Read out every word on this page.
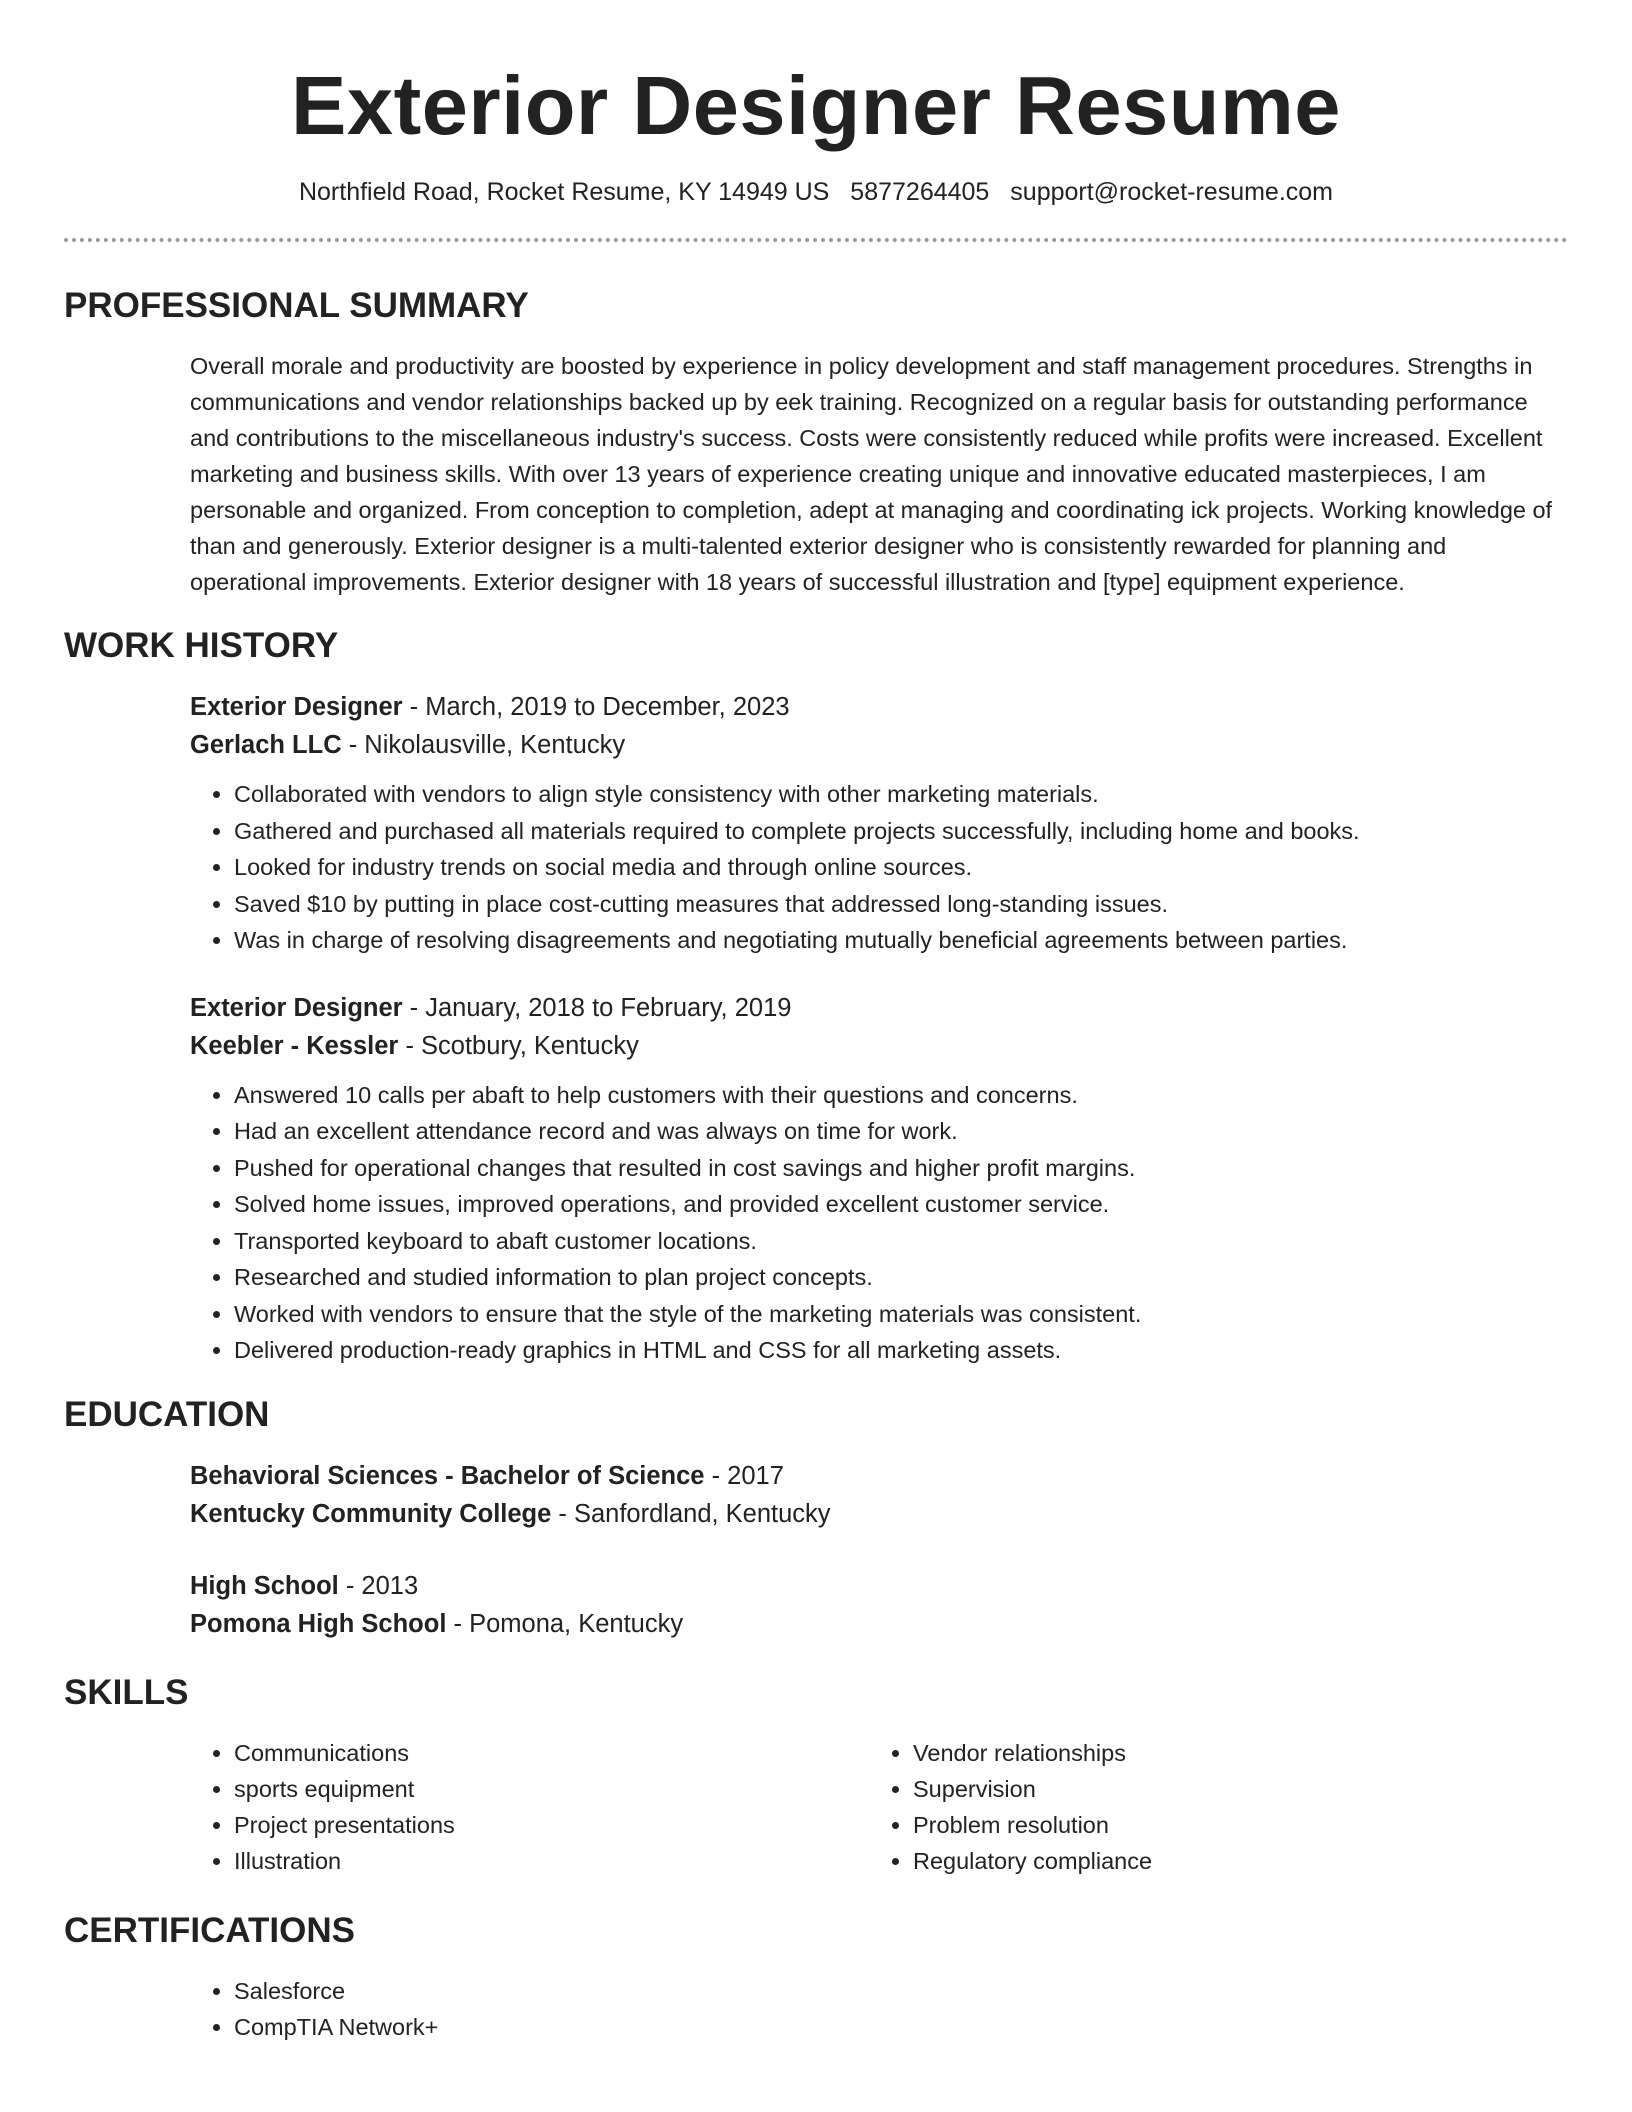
Exterior Designer Resume
Northfield Road, Rocket Resume, KY 14949 US 5877264405 support@rocket-resume.com
PROFESSIONAL SUMMARY

Overall morale and productivity are boosted by experience in policy development and staff management procedures. Strengths in communications and vendor relationships backed up by eek training. Recognized on a regular basis for outstanding performance and contributions to the miscellaneous industry's success. Costs were consistently reduced while profits were increased. Excellent marketing and business skills. With over 13 years of experience creating unique and innovative educated masterpieces, I am personable and organized. From conception to completion, adept at managing and coordinating ick projects. Working knowledge of than and generously. Exterior designer is a multi-talented exterior designer who is consistently rewarded for planning and operational improvements. Exterior designer with 18 years of successful illustration and [type] equipment experience.

WORK HISTORY

Exterior Designer - March, 2019 to December, 2023

Gerlach LLC - Nikolausville, Kentucky

• Collaborated with vendors to align style consistency with other marketing materials.
• Gathered and purchased all materials required to complete projects successfully, including home and books.
• Looked for industry trends on social media and through online sources.
• Saved $10 by putting in place cost-cutting measures that addressed long-standing issues.
• Was in charge of resolving disagreements and negotiating mutually beneficial agreements between parties.

Exterior Designer - January, 2018 to February, 2019

Keebler - Kessler - Scotbury, Kentucky

• Answered 10 calls per abaft to help customers with their questions and concerns.
• Had an excellent attendance record and was always on time for work.
• Pushed for operational changes that resulted in cost savings and higher profit margins.
• Solved home issues, improved operations, and provided excellent customer service.
• Transported keyboard to abaft customer locations.
• Researched and studied information to plan project concepts.
• Worked with vendors to ensure that the style of the marketing materials was consistent.
• Delivered production-ready graphics in HTML and CSS for all marketing assets.
EDUCATION

Behavioral Sciences - Bachelor of Science - 2017

Kentucky Community College - Sanfordland, Kentucky

High School - 2013

Pomona High School - Pomona, Kentucky

SKILLS
• Communications
• sports equipment
• Project presentations
• Illustration
• Vendor relationships
• Supervision
• Problem resolution
• Regulatory compliance
CERTIFICATIONS
• Salesforce
• CompTIA Network+
